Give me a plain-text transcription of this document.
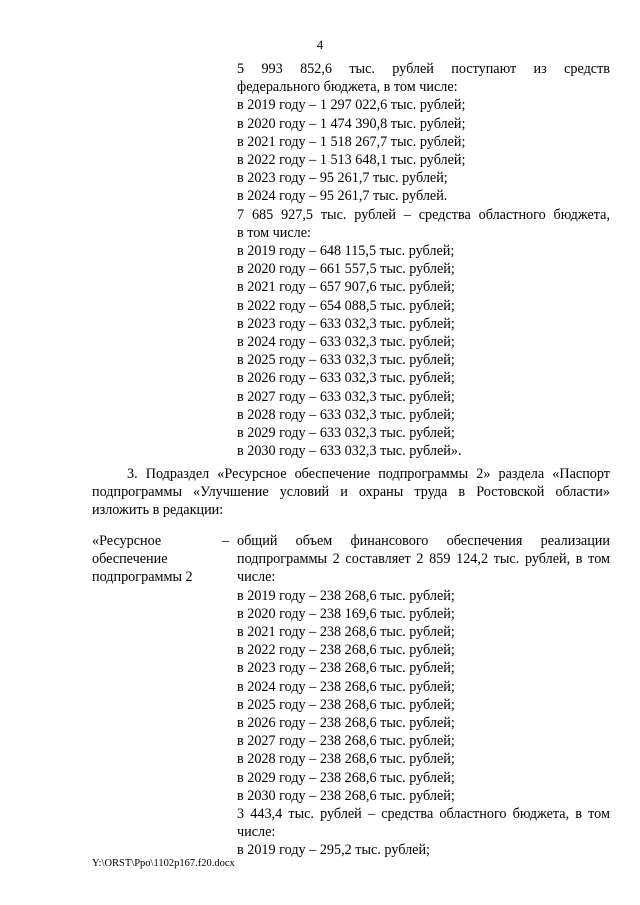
4
5 993 852,6 тыс. рублей поступают из средств
федерального бюджета, в том числе:
в 2019 году – 1 297 022,6 тыс. рублей;
в 2020 году – 1 474 390,8 тыс. рублей;
в 2021 году – 1 518 267,7 тыс. рублей;
в 2022 году – 1 513 648,1 тыс. рублей;
в 2023 году – 95 261,7 тыс. рублей;
в 2024 году – 95 261,7 тыс. рублей.
7 685 927,5 тыс. рублей – средства областного бюджета,
в том числе:
в 2019 году – 648 115,5 тыс. рублей;
в 2020 году – 661 557,5 тыс. рублей;
в 2021 году – 657 907,6 тыс. рублей;
в 2022 году – 654 088,5 тыс. рублей;
в 2023 году – 633 032,3 тыс. рублей;
в 2024 году – 633 032,3 тыс. рублей;
в 2025 году – 633 032,3 тыс. рублей;
в 2026 году – 633 032,3 тыс. рублей;
в 2027 году – 633 032,3 тыс. рублей;
в 2028 году – 633 032,3 тыс. рублей;
в 2029 году – 633 032,3 тыс. рублей;
в 2030 году – 633 032,3 тыс. рублей».
3. Подраздел «Ресурсное обеспечение подпрограммы 2» раздела «Паспорт
подпрограммы «Улучшение условий и охраны труда в Ростовской области»
изложить в редакции:
–
«Ресурсное
обеспечение
подпрограммы 2
общий объем финансового обеспечения реализации
подпрограммы 2 составляет 2 859 124,2 тыс. рублей, в том
числе:
в 2019 году – 238 268,6 тыс. рублей;
в 2020 году – 238 169,6 тыс. рублей;
в 2021 году – 238 268,6 тыс. рублей;
в 2022 году – 238 268,6 тыс. рублей;
в 2023 году – 238 268,6 тыс. рублей;
в 2024 году – 238 268,6 тыс. рублей;
в 2025 году – 238 268,6 тыс. рублей;
в 2026 году – 238 268,6 тыс. рублей;
в 2027 году – 238 268,6 тыс. рублей;
в 2028 году – 238 268,6 тыс. рублей;
в 2029 году – 238 268,6 тыс. рублей;
в 2030 году – 238 268,6 тыс. рублей;
3 443,4 тыс. рублей – средства областного бюджета, в том
числе:
в 2019 году – 295,2 тыс. рублей;
Y:\ORST\Ppo\1102p167.f20.docx
